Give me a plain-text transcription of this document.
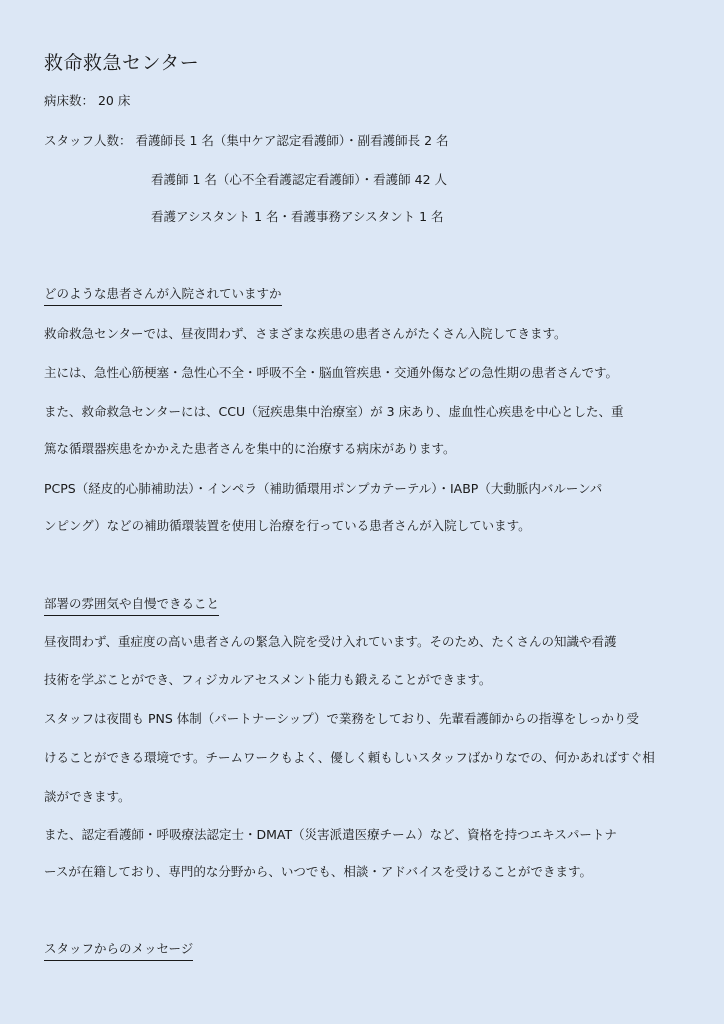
救命救急センター
病床数： 20 床
スタッフ人数： 看護師長 1 名（集中ケア認定看護師）・副看護師長 2 名
看護師 1 名（心不全看護認定看護師）・看護師 42 人
看護アシスタント 1 名・看護事務アシスタント 1 名
どのような患者さんが入院されていますか
救命救急センターでは、昼夜問わず、さまざまな疾患の患者さんがたくさん入院してきます。
主には、急性心筋梗塞・急性心不全・呼吸不全・脳血管疾患・交通外傷などの急性期の患者さんです。
また、救命救急センターには、CCU（冠疾患集中治療室）が 3 床あり、虚血性心疾患を中心とした、重
篤な循環器疾患をかかえた患者さんを集中的に治療する病床があります。
PCPS（経皮的心肺補助法）・インペラ（補助循環用ポンプカテーテル）・IABP（大動脈内バルーンパ
ンピング）などの補助循環装置を使用し治療を行っている患者さんが入院しています。
部署の雰囲気や自慢できること
昼夜問わず、重症度の高い患者さんの緊急入院を受け入れています。そのため、たくさんの知識や看護
技術を学ぶことができ、フィジカルアセスメント能力も鍛えることができます。
スタッフは夜間も PNS 体制（パートナーシップ）で業務をしており、先輩看護師からの指導をしっかり受
けることができる環境です。チームワークもよく、優しく頼もしいスタッフばかりなでの、何かあればすぐ相
談ができます。
また、認定看護師・呼吸療法認定士・DMAT（災害派遣医療チーム）など、資格を持つエキスパートナ
ースが在籍しており、専門的な分野から、いつでも、相談・アドバイスを受けることができます。
スタッフからのメッセージ
